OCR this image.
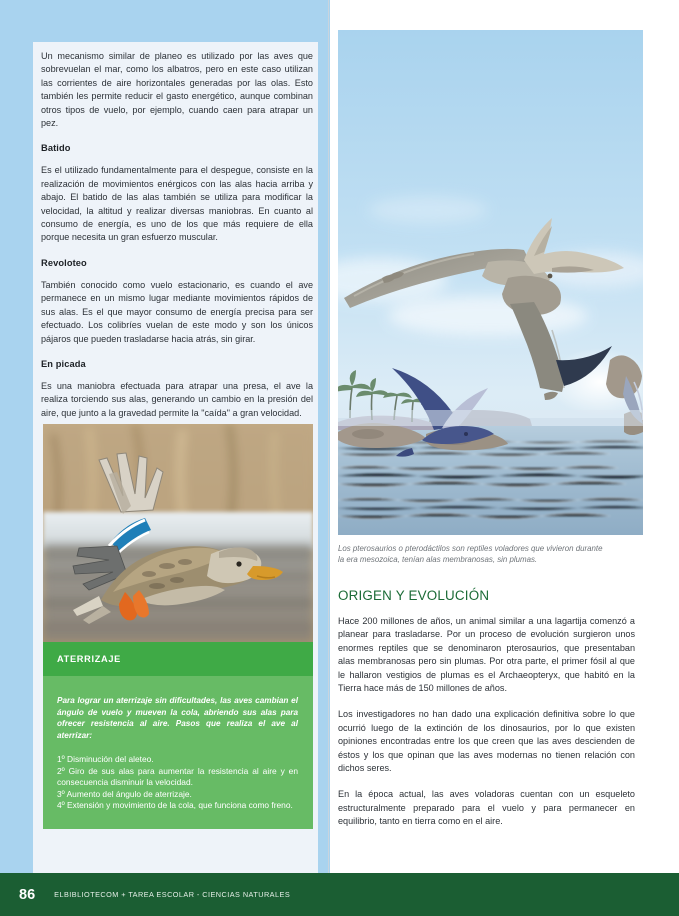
Un mecanismo similar de planeo es utilizado por las aves que sobrevuelan el mar, como los albatros, pero en este caso utilizan las corrientes de aire horizontales generadas por las olas. Esto también les permite reducir el gasto energético, aunque combinan otros tipos de vuelo, por ejemplo, cuando caen para atrapar un pez.

Batido

Es el utilizado fundamentalmente para el despegue, consiste en la realización de movimientos enérgicos con las alas hacia arriba y abajo. El batido de las alas también se utiliza para modificar la velocidad, la altitud y realizar diversas maniobras. En cuanto al consumo de energía, es uno de los que más requiere de ella porque necesita un gran esfuerzo muscular.

Revoloteo

También conocido como vuelo estacionario, es cuando el ave permanece en un mismo lugar mediante movimientos rápidos de sus alas. Es el que mayor consumo de energía precisa para ser efectuado. Los colibríes vuelan de este modo y son los únicos pájaros que pueden trasladarse hacia atrás, sin girar.

En picada

Es una maniobra efectuada para atrapar una presa, el ave la realiza torciendo sus alas, generando un cambio en la presión del aire, que junto a la gravedad permite la "caída" a gran velocidad.

ATERRIZAJE

Para lograr un aterrizaje sin dificultades, las aves cambian el ángulo de vuelo y mueven la cola, abriendo sus alas para ofrecer resistencia al aire. Pasos que realiza el ave al aterrizar:

1º Disminución del aleteo.
2º Giro de sus alas para aumentar la resistencia al aire y en consecuencia disminuir la velocidad.
3º Aumento del ángulo de aterrizaje.
4º Extensión y movimiento de la cola, que funciona como freno.

Los pterosaurios o pterodáctilos son reptiles voladores que vivieron durante la era mesozoica, tenían alas membranosas, sin plumas.

ORIGEN Y EVOLUCIÓN

Hace 200 millones de años, un animal similar a una lagartija comenzó a planear para trasladarse. Por un proceso de evolución surgieron unos enormes reptiles que se denominaron pterosaurios, que presentaban alas membranosas pero sin plumas. Por otra parte, el primer fósil al que le hallaron vestigios de plumas es el Archaeopteryx, que habitó en la Tierra hace más de 150 millones de años.

Los investigadores no han dado una explicación definitiva sobre lo que ocurrió luego de la extinción de los dinosaurios, por lo que existen opiniones encontradas entre los que creen que las aves descienden de éstos y los que opinan que las aves modernas no tienen relación con dichos seres.

En la época actual, las aves voladoras cuentan con un esqueleto estructuralmente preparado para el vuelo y para permanecer en equilibrio, tanto en tierra como en el aire.

86	ELBIBLIOTECOM + TAREA ESCOLAR - CIENCIAS NATURALES
